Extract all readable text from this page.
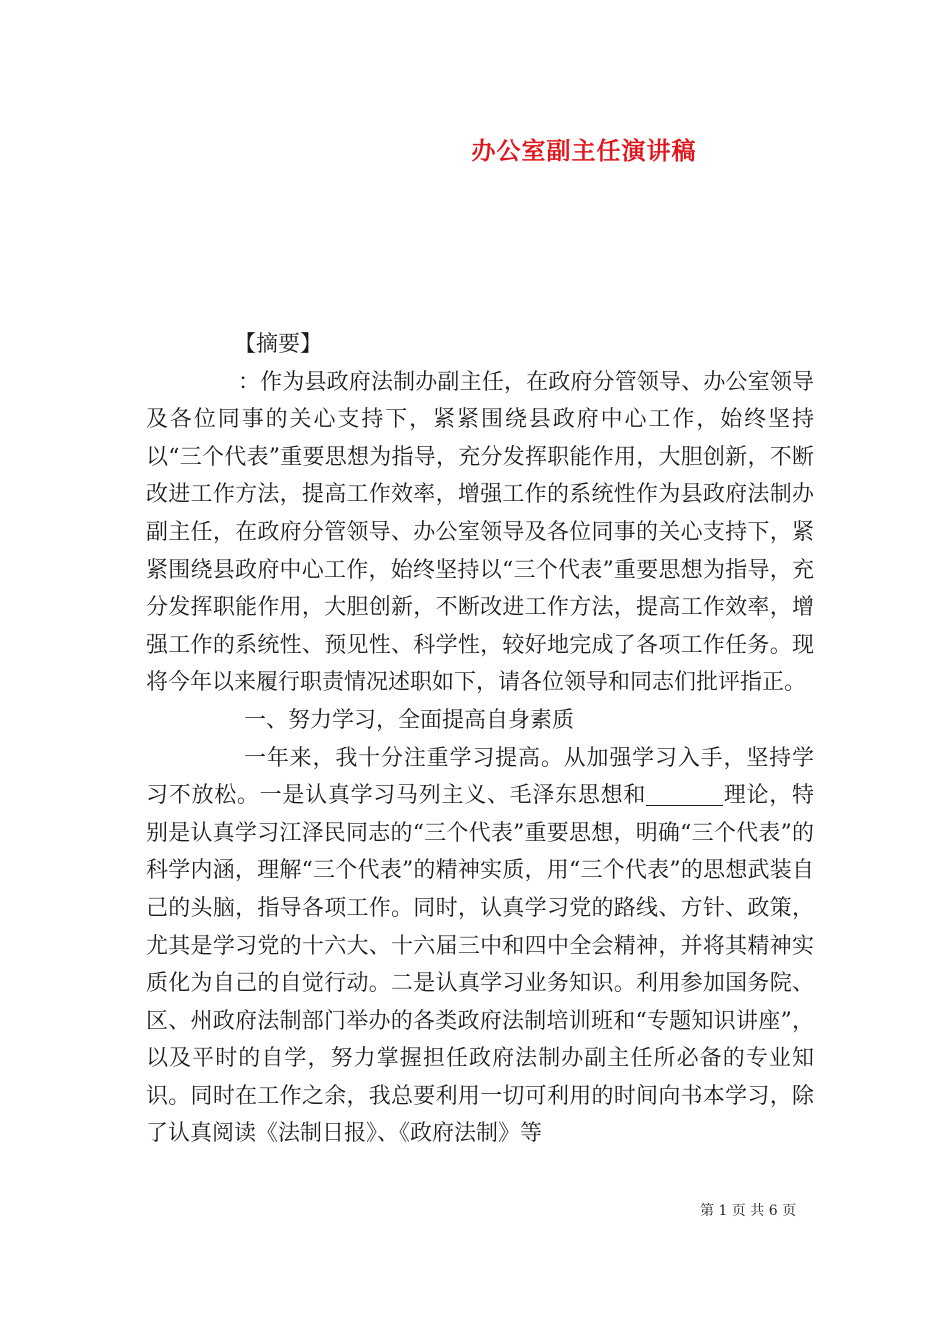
办公室副主任演讲稿

【摘要】

：作为县政府法制办副主任，在政府分管领导、办公室领导及各位同事的关心支持下，紧紧围绕县政府中心工作，始终坚持以“三个代表”重要思想为指导，充分发挥职能作用，大胆创新，不断改进工作方法，提高工作效率，增强工作的系统性作为县政府法制办副主任，在政府分管领导、办公室领导及各位同事的关心支持下，紧紧围绕县政府中心工作，始终坚持以“三个代表”重要思想为指导，充分发挥职能作用，大胆创新，不断改进工作方法，提高工作效率，增强工作的系统性、预见性、科学性，较好地完成了各项工作任务。现将今年以来履行职责情况述职如下，请各位领导和同志们批评指正。

一、努力学习，全面提高自身素质

一年来，我十分注重学习提高。从加强学习入手，坚持学习不放松。一是认真学习马列主义、毛泽东思想和	理论，特别是认真学习江泽民同志的“三个代表”重要思想，明确“三个代表”的科学内涵，理解“三个代表”的精神实质，用“三个代表”的思想武装自己的头脑，指导各项工作。同时，认真学习党的路线、方针、政策，尤其是学习党的十六大、十六届三中和四中全会精神，并将其精神实质化为自己的自觉行动。二是认真学习业务知识。利用参加国务院、区、州政府法制部门举办的各类政府法制培训班和“专题知识讲座”，以及平时的自学，努力掌握担任政府法制办副主任所必备的专业知识。同时在工作之余，我总要利用一切可利用的时间向书本学习，除了认真阅读《法制日报》、《政府法制》等

第 1 页 共 6 页
